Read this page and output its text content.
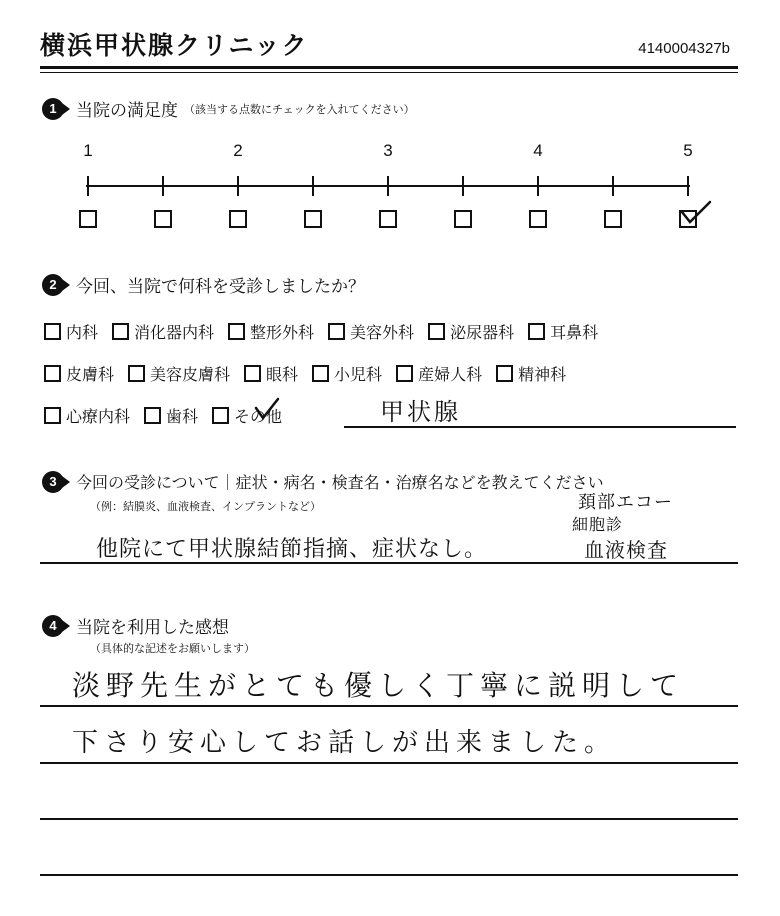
横浜甲状腺クリニック	4140004327b
1	当院の満足度 （該当する点数にチェックを入れてください）
1	2	3	4	5
2	今回、当院で何科を受診しましたか？
内科 消化器内科 整形外科 美容外科 泌尿器科 耳鼻科
皮膚科 美容皮膚科 眼科 小児科 産婦人科 精神科
心療内科 歯科 その他	甲状腺
3	今回の受診について｜症状・病名・検査名・治療名などを教えてください
（例：結膜炎、血液検査、インプラントなど）
他院にて甲状腺結節指摘、症状なし。
頚部エコー
細胞診
血液検査
4	当院を利用した感想
（具体的な記述をお願いします）
淡野先生がとても優しく丁寧に説明して
下さり安心してお話しが出来ました。
